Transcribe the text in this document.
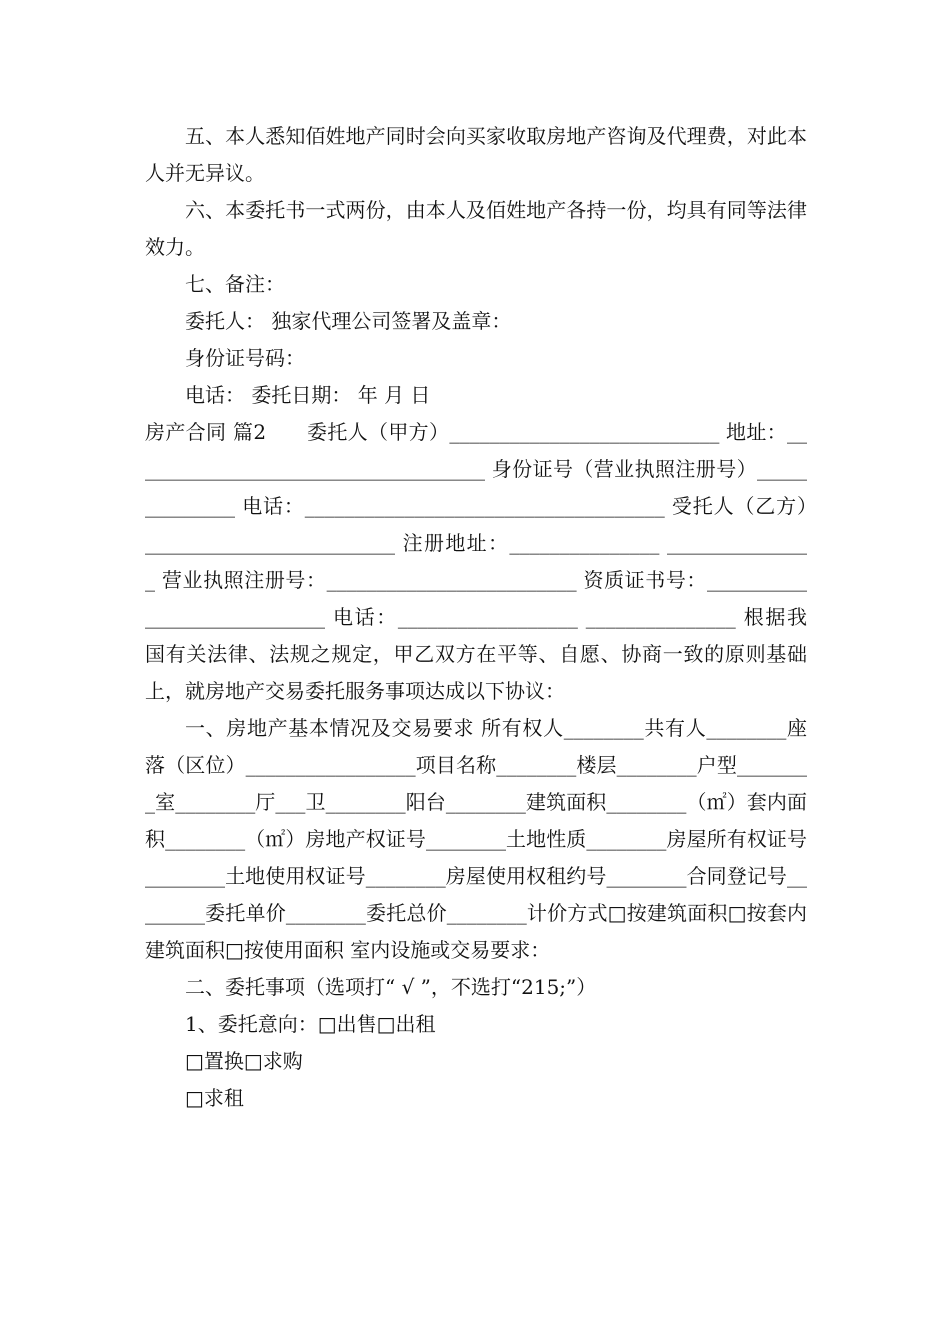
五、本人悉知佰姓地产同时会向买家收取房地产咨询及代理费，对此本人并无异议。

六、本委托书一式两份，由本人及佰姓地产各持一份，均具有同等法律效力。

七、备注：

委托人： 独家代理公司签署及盖章：

身份证号码：

电话： 委托日期： 年 月 日

房产合同 篇2　　委托人（甲方）___________________________ 地址：____________________________________ 身份证号（营业执照注册号）______________ 电话：____________________________________ 受托人（乙方）_________________________ 注册地址：_______________ _______________ 营业执照注册号：_________________________ 资质证书号：____________________________ 电话：__________________ _______________ 根据我国有关法律、法规之规定，甲乙双方在平等、自愿、协商一致的原则基础上，就房地产交易委托服务事项达成以下协议：

一、房地产基本情况及交易要求 所有权人________共有人________座落（区位）_________________项目名称________楼层________户型________室________厅___卫________阳台________建筑面积________（㎡）套内面积________（㎡）房地产权证号________土地性质________房屋所有权证号________土地使用权证号________房屋使用权租约号________合同登记号________委托单价________委托总价________计价方式□按建筑面积□按套内建筑面积□按使用面积 室内设施或交易要求：

二、委托事项（选项打“ √ ”，不选打“215;”）

1、委托意向：□出售□出租

□置换□求购

□求租
